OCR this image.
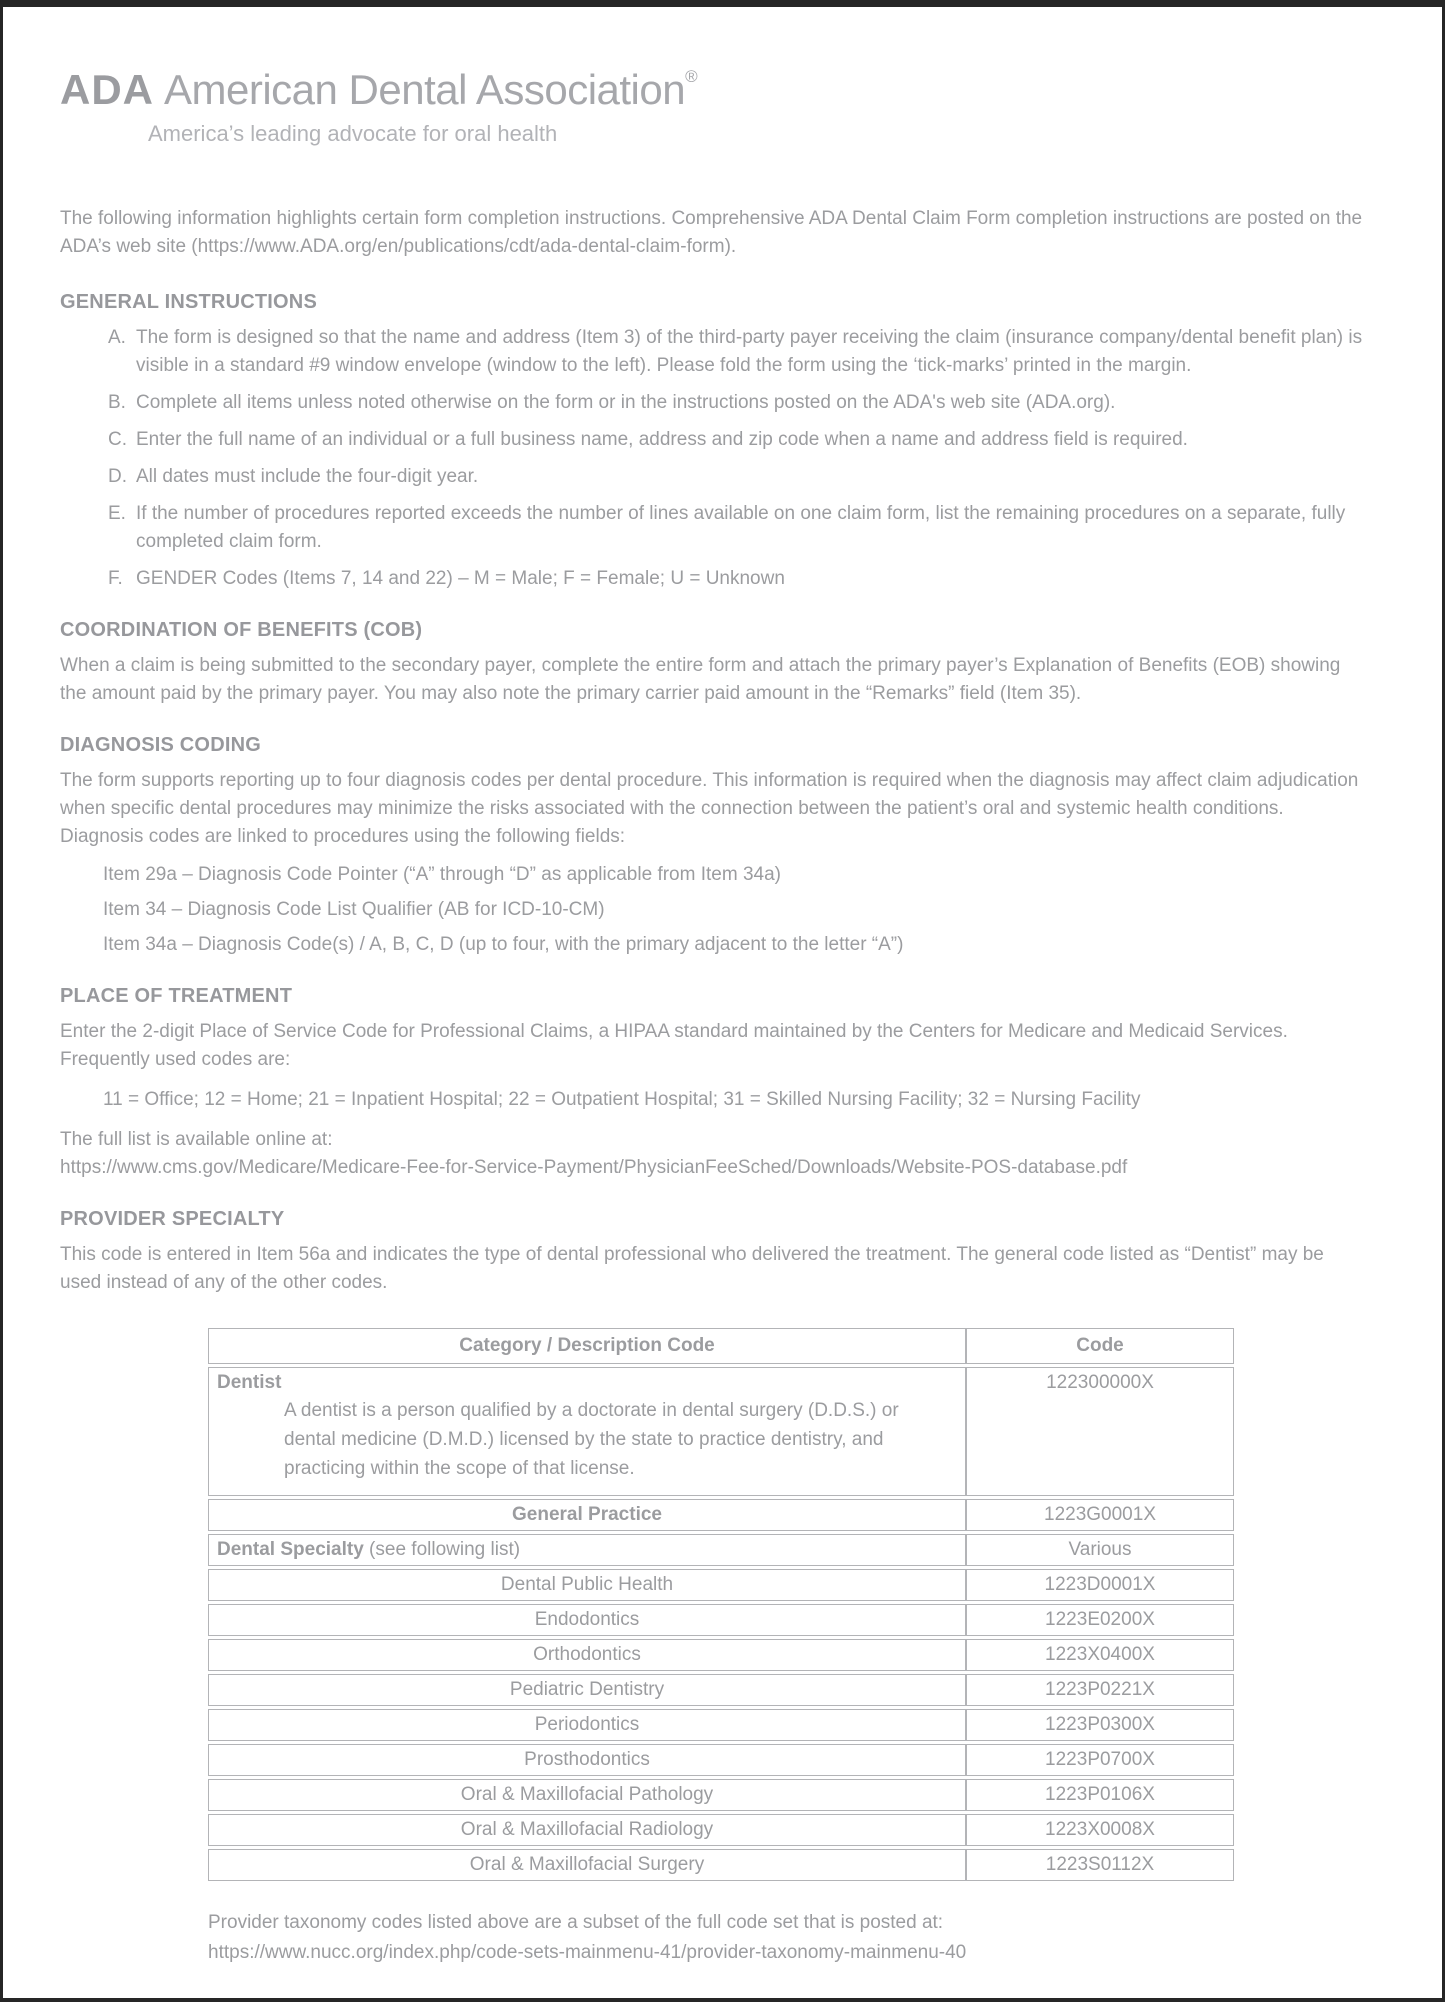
ADA American Dental Association®
America’s leading advocate for oral health

The following information highlights certain form completion instructions. Comprehensive ADA Dental Claim Form completion instructions are posted on the ADA’s web site (https://www.ADA.org/en/publications/cdt/ada-dental-claim-form).

GENERAL INSTRUCTIONS
A. The form is designed so that the name and address (Item 3) of the third-party payer receiving the claim (insurance company/dental benefit plan) is visible in a standard #9 window envelope (window to the left). Please fold the form using the ‘tick-marks’ printed in the margin.
B. Complete all items unless noted otherwise on the form or in the instructions posted on the ADA's web site (ADA.org).
C. Enter the full name of an individual or a full business name, address and zip code when a name and address field is required.
D. All dates must include the four-digit year.
E. If the number of procedures reported exceeds the number of lines available on one claim form, list the remaining procedures on a separate, fully completed claim form.
F. GENDER Codes (Items 7, 14 and 22) – M = Male; F = Female; U = Unknown
COORDINATION OF BENEFITS (COB)

When a claim is being submitted to the secondary payer, complete the entire form and attach the primary payer’s Explanation of Benefits (EOB) showing the amount paid by the primary payer. You may also note the primary carrier paid amount in the “Remarks” field (Item 35).

DIAGNOSIS CODING

The form supports reporting up to four diagnosis codes per dental procedure. This information is required when the diagnosis may affect claim adjudication when specific dental procedures may minimize the risks associated with the connection between the patient’s oral and systemic health conditions. Diagnosis codes are linked to procedures using the following fields:

Item 29a – Diagnosis Code Pointer (“A” through “D” as applicable from Item 34a)
Item 34 – Diagnosis Code List Qualifier (AB for ICD-10-CM)
Item 34a – Diagnosis Code(s) / A, B, C, D (up to four, with the primary adjacent to the letter “A”)
PLACE OF TREATMENT

Enter the 2-digit Place of Service Code for Professional Claims, a HIPAA standard maintained by the Centers for Medicare and Medicaid Services. Frequently used codes are:

11 = Office; 12 = Home; 21 = Inpatient Hospital; 22 = Outpatient Hospital; 31 = Skilled Nursing Facility; 32 = Nursing Facility
The full list is available online at:
https://www.cms.gov/Medicare/Medicare-Fee-for-Service-Payment/PhysicianFeeSched/Downloads/Website-POS-database.pdf
PROVIDER SPECIALTY

This code is entered in Item 56a and indicates the type of dental professional who delivered the treatment. The general code listed as “Dentist” may be used instead of any of the other codes.

Category / Description Code	Code
Dentist
A dentist is a person qualified by a doctorate in dental surgery (D.D.S.) or dental medicine (D.M.D.) licensed by the state to practice dentistry, and practicing within the scope of that license.	122300000X
General Practice	1223G0001X
Dental Specialty (see following list)	Various
Dental Public Health	1223D0001X
Endodontics	1223E0200X
Orthodontics	1223X0400X
Pediatric Dentistry	1223P0221X
Periodontics	1223P0300X
Prosthodontics	1223P0700X
Oral & Maxillofacial Pathology	1223P0106X
Oral & Maxillofacial Radiology	1223X0008X
Oral & Maxillofacial Surgery	1223S0112X
Provider taxonomy codes listed above are a subset of the full code set that is posted at:
https://www.nucc.org/index.php/code-sets-mainmenu-41/provider-taxonomy-mainmenu-40
